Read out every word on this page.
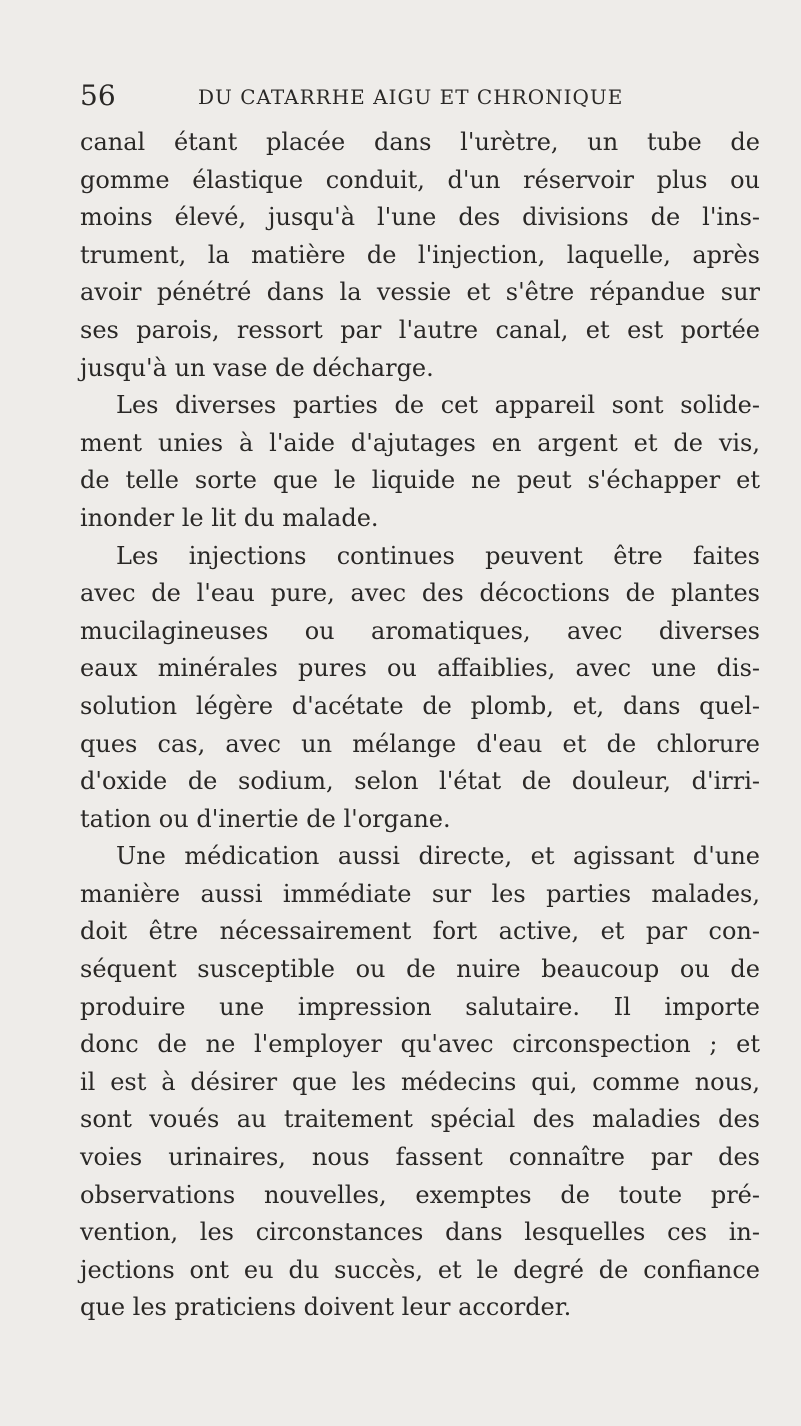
56	DU CATARRHE AIGU ET CHRONIQUE
canal étant placée dans l'urètre, un tube de
gomme élastique conduit, d'un réservoir plus ou
moins élevé, jusqu'à l'une des divisions de l'ins-
trument, la matière de l'injection, laquelle, après
avoir pénétré dans la vessie et s'être répandue sur
ses parois, ressort par l'autre canal, et est portée
jusqu'à un vase de décharge.
Les diverses parties de cet appareil sont solide-
ment unies à l'aide d'ajutages en argent et de vis,
de telle sorte que le liquide ne peut s'échapper et
inonder le lit du malade.
Les injections continues peuvent être faites
avec de l'eau pure, avec des décoctions de plantes
mucilagineuses ou aromatiques, avec diverses
eaux minérales pures ou affaiblies, avec une dis-
solution légère d'acétate de plomb, et, dans quel-
ques cas, avec un mélange d'eau et de chlorure
d'oxide de sodium, selon l'état de douleur, d'irri-
tation ou d'inertie de l'organe.
Une médication aussi directe, et agissant d'une
manière aussi immédiate sur les parties malades,
doit être nécessairement fort active, et par con-
séquent susceptible ou de nuire beaucoup ou de
produire une impression salutaire. Il importe
donc de ne l'employer qu'avec circonspection ; et
il est à désirer que les médecins qui, comme nous,
sont voués au traitement spécial des maladies des
voies urinaires, nous fassent connaître par des
observations nouvelles, exemptes de toute pré-
vention, les circonstances dans lesquelles ces in-
jections ont eu du succès, et le degré de confiance
que les praticiens doivent leur accorder.
